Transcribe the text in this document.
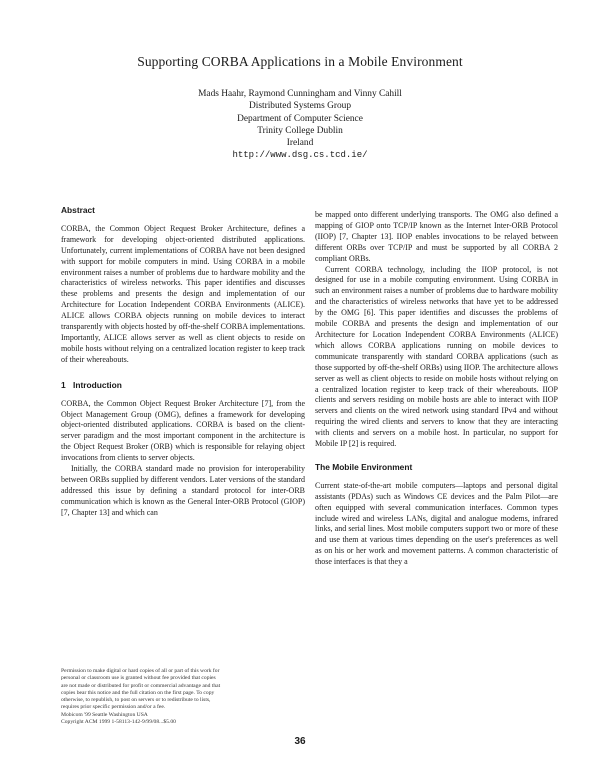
Supporting CORBA Applications in a Mobile Environment
Mads Haahr, Raymond Cunningham and Vinny Cahill
Distributed Systems Group
Department of Computer Science
Trinity College Dublin
Ireland
http://www.dsg.cs.tcd.ie/
Abstract

CORBA, the Common Object Request Broker Architecture, defines a framework for developing object-oriented distributed applications. Unfortunately, current implementations of CORBA have not been designed with support for mobile computers in mind. Using CORBA in a mobile environment raises a number of problems due to hardware mobility and the characteristics of wireless networks. This paper identifies and discusses these problems and presents the design and implementation of our Architecture for Location Independent CORBA Environments (ALICE). ALICE allows CORBA objects running on mobile devices to interact transparently with objects hosted by off-the-shelf CORBA implementations. Importantly, ALICE allows server as well as client objects to reside on mobile hosts without relying on a centralized location register to keep track of their whereabouts.

1 Introduction

CORBA, the Common Object Request Broker Architecture [7], from the Object Management Group (OMG), defines a framework for developing object-oriented distributed applications. CORBA is based on the client-server paradigm and the most important component in the architecture is the Object Request Broker (ORB) which is responsible for relaying object invocations from clients to server objects.

Initially, the CORBA standard made no provision for interoperability between ORBs supplied by different vendors. Later versions of the standard addressed this issue by defining a standard protocol for inter-ORB communication which is known as the General Inter-ORB Protocol (GIOP) [7, Chapter 13] and which can

be mapped onto different underlying transports. The OMG also defined a mapping of GIOP onto TCP/IP known as the Internet Inter-ORB Protocol (IIOP) [7, Chapter 13]. IIOP enables invocations to be relayed between different ORBs over TCP/IP and must be supported by all CORBA 2 compliant ORBs.

Current CORBA technology, including the IIOP protocol, is not designed for use in a mobile computing environment. Using CORBA in such an environment raises a number of problems due to hardware mobility and the characteristics of wireless networks that have yet to be addressed by the OMG [6]. This paper identifies and discusses the problems of mobile CORBA and presents the design and implementation of our Architecture for Location Independent CORBA Environments (ALICE) which allows CORBA applications running on mobile devices to communicate transparently with standard CORBA applications (such as those supported by off-the-shelf ORBs) using IIOP. The architecture allows server as well as client objects to reside on mobile hosts without relying on a centralized location register to keep track of their whereabouts. IIOP clients and servers residing on mobile hosts are able to interact with IIOP servers and clients on the wired network using standard IPv4 and without requiring the wired clients and servers to know that they are interacting with clients and servers on a mobile host. In particular, no support for Mobile IP [2] is required.

The Mobile Environment

Current state-of-the-art mobile computers—laptops and personal digital assistants (PDAs) such as Windows CE devices and the Palm Pilot—are often equipped with several communication interfaces. Common types include wired and wireless LANs, digital and analogue modems, infrared links, and serial lines. Most mobile computers support two or more of these and use them at various times depending on the user's preferences as well as on his or her work and movement patterns. A common characteristic of those interfaces is that they a

Permission to make digital or hard copies of all or part of this work for
personal or classroom use is granted without fee provided that copies
are not made or distributed for profit or commercial advantage and that
copies bear this notice and the full citation on the first page. To copy
otherwise, to republish, to post on servers or to redistribute to lists,
requires prior specific permission and/or a fee.
Mobicom '99 Seattle Washington USA
Copyright ACM 1999 1-58113-142-9/99/08...$5.00
36
